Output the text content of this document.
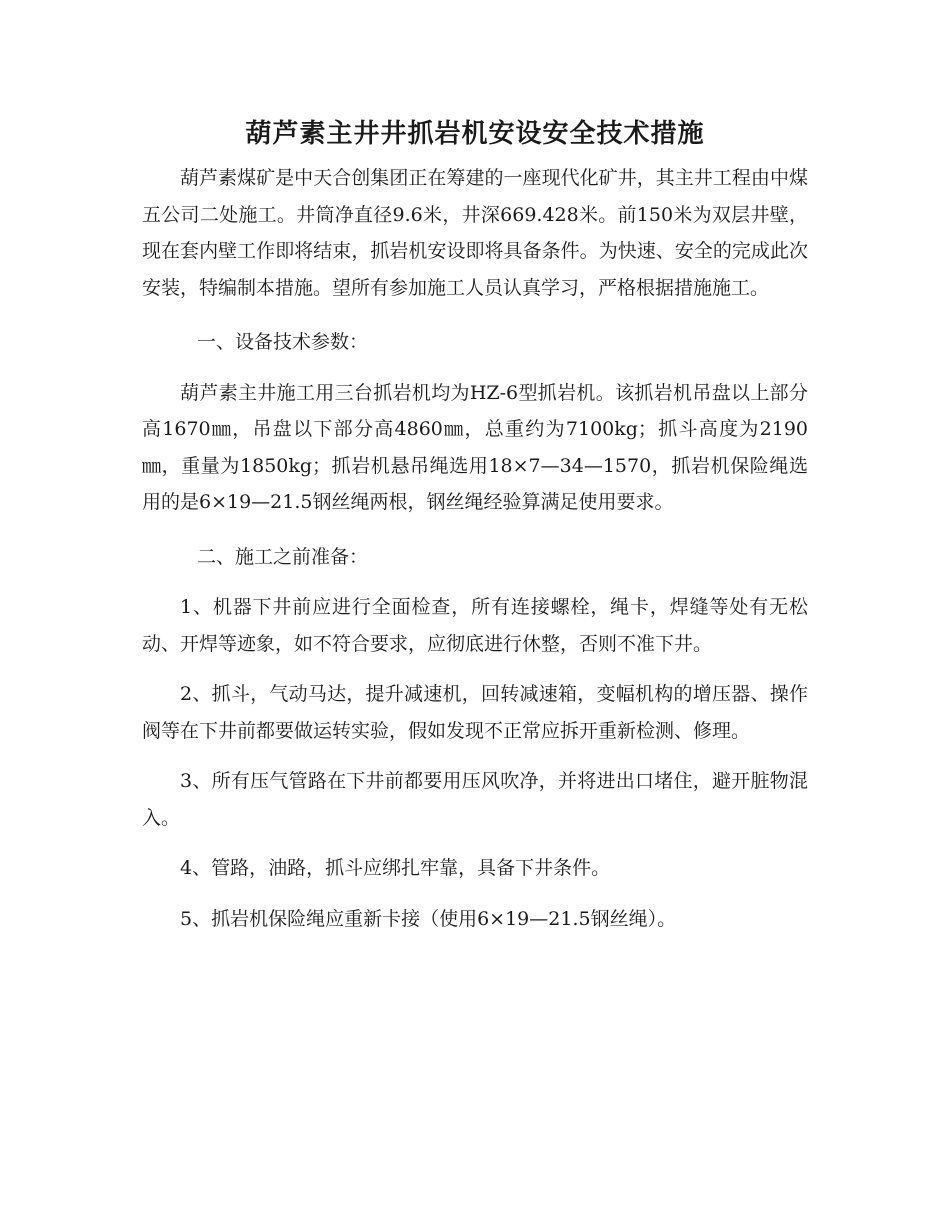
葫芦素主井井抓岩机安设安全技术措施

葫芦素煤矿是中天合创集团正在筹建的一座现代化矿井，其主井工程由中煤五公司二处施工。井筒净直径9.6米，井深669.428米。前150米为双层井壁，现在套内壁工作即将结束，抓岩机安设即将具备条件。为快速、安全的完成此次安装，特编制本措施。望所有参加施工人员认真学习，严格根据措施施工。

一、设备技术参数：

葫芦素主井施工用三台抓岩机均为HZ-6型抓岩机。该抓岩机吊盘以上部分高1670㎜，吊盘以下部分高4860㎜，总重约为7100kg；抓斗高度为2190㎜，重量为1850kg；抓岩机悬吊绳选用18×7—34—1570，抓岩机保险绳选用的是6×19—21.5钢丝绳两根，钢丝绳经验算满足使用要求。

二、施工之前准备：

1、机器下井前应进行全面检查，所有连接螺栓，绳卡，焊缝等处有无松动、开焊等迹象，如不符合要求，应彻底进行休整，否则不准下井。

2、抓斗，气动马达，提升减速机，回转减速箱，变幅机构的增压器、操作阀等在下井前都要做运转实验，假如发现不正常应拆开重新检测、修理。

3、所有压气管路在下井前都要用压风吹净，并将进出口堵住，避开脏物混入。

4、管路，油路，抓斗应绑扎牢靠，具备下井条件。

5、抓岩机保险绳应重新卡接（使用6×19—21.5钢丝绳）。
